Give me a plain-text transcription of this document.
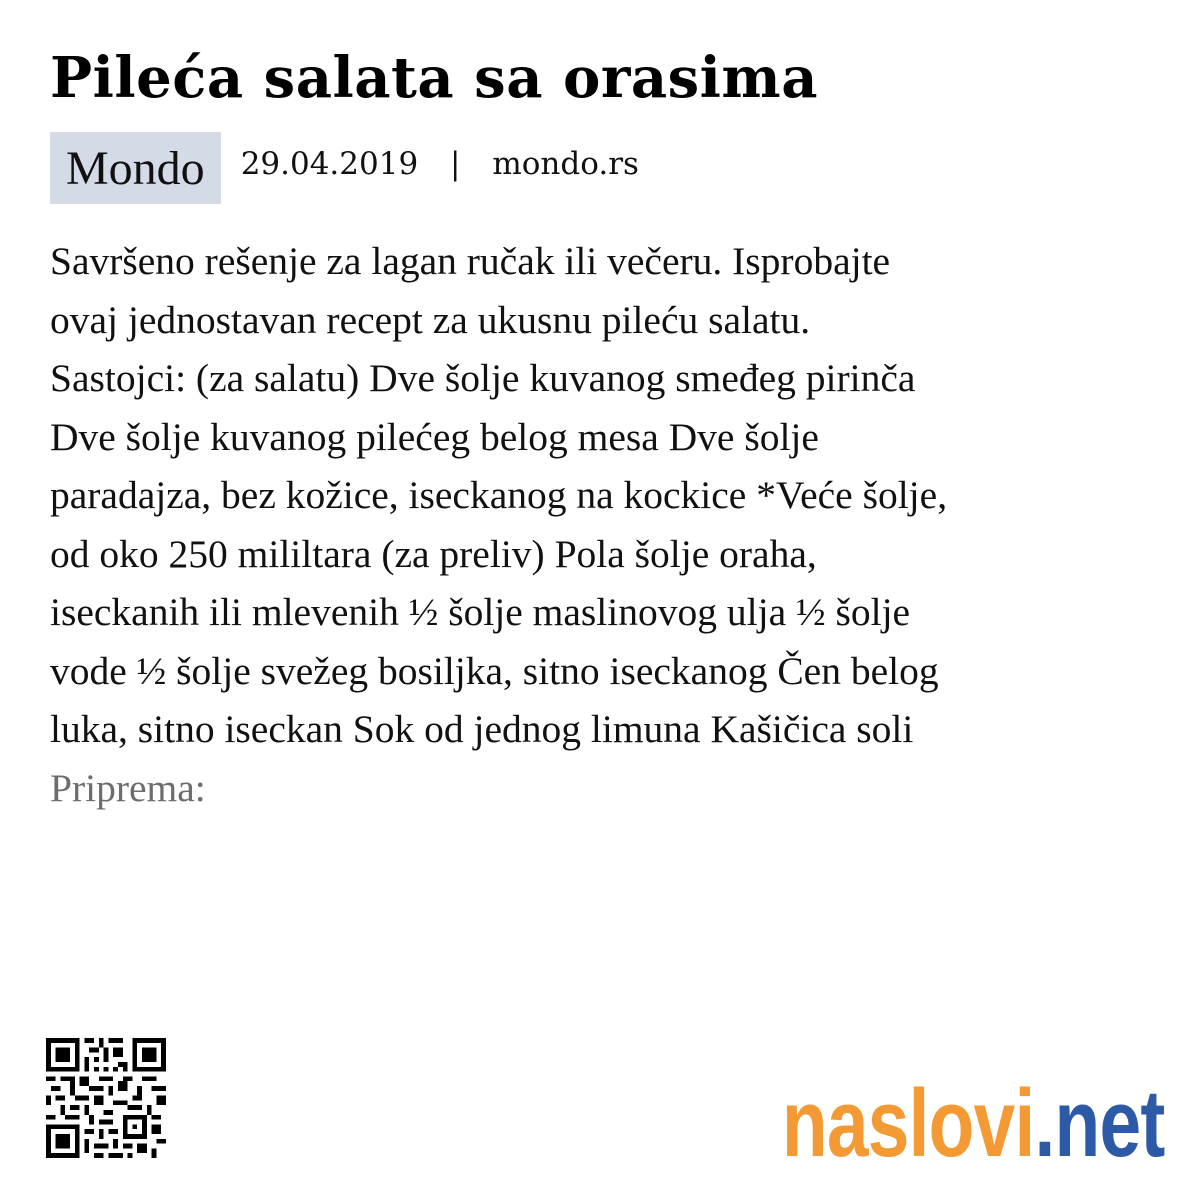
Pileća salata sa orasima
Mondo	29.04.2019 | mondo.rs
Savršeno rešenje za lagan ručak ili večeru. Isprobajte
ovaj jednostavan recept za ukusnu pileću salatu.
Sastojci: (za salatu) Dve šolje kuvanog smeđeg pirinča
Dve šolje kuvanog pilećeg belog mesa Dve šolje
paradajza, bez kožice, iseckanog na kockice *Veće šolje,
od oko 250 mililtara (za preliv) Pola šolje oraha,
iseckanih ili mlevenih ½ šolje maslinovog ulja ½ šolje
vode ½ šolje svežeg bosiljka, sitno iseckanog Čen belog
luka, sitno iseckan Sok od jednog limuna Kašičica soli
Priprema:
naslovi .net
